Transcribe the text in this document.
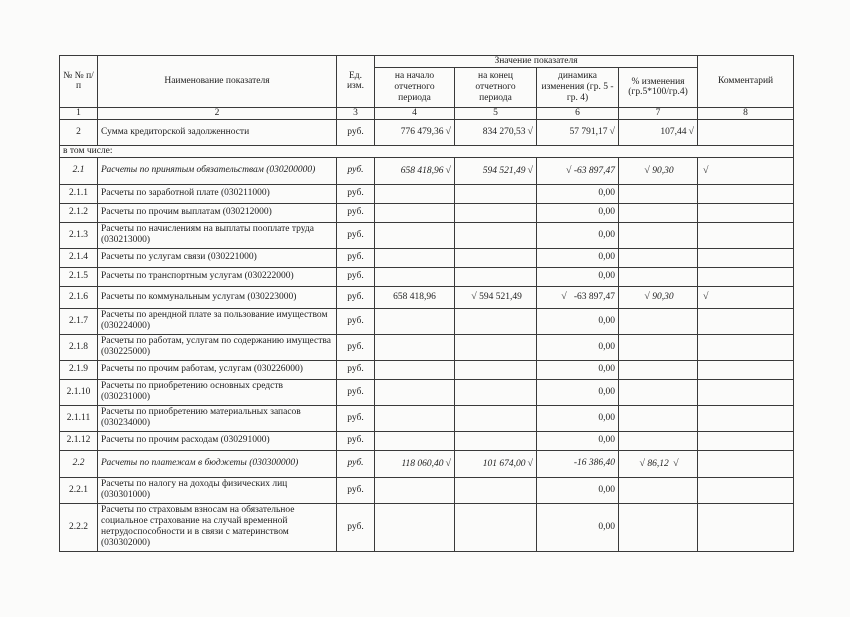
№ № п/п	Наименование показателя	Ед. изм.	Значение показателя				Комментарий
			на начало отчетного периода	на конец отчетного периода	динамика изменения (гр. 5 - гр. 4)	% изменения (гр.5*100/гр.4)	
1	2	3	4	5	6	7	8
2	Сумма кредиторской задолженности	руб.	776 479,36 √	834 270,53 √	57 791,17 √	107,44 √	
в том числе:							
2.1	Расчеты по принятым обязательствам (030200000)	руб.	658 418,96 √	594 521,49 √	√ -63 897,47	√ 90,30	√
2.1.1	Расчеты по заработной плате (030211000)	руб.			0,00		
2.1.2	Расчеты по прочим выплатам (030212000)	руб.			0,00		
2.1.3	Расчеты по начислениям на выплаты пооплате труда (030213000)	руб.			0,00		
2.1.4	Расчеты по услугам связи (030221000)	руб.			0,00		
2.1.5	Расчеты по транспортным услугам (030222000)	руб.			0,00		
2.1.6	Расчеты по коммунальным услугам (030223000)	руб.	658 418,96	√ 594 521,49	√ -63 897,47	√ 90,30	√
2.1.7	Расчеты по арендной плате за пользование имуществом (030224000)	руб.			0,00		
2.1.8	Расчеты по работам, услугам по содержанию имущества (030225000)	руб.			0,00		
2.1.9	Расчеты по прочим работам, услугам (030226000)	руб.			0,00		
2.1.10	Расчеты по приобретению основных средств (030231000)	руб.			0,00		
2.1.11	Расчеты по приобретению материальных запасов (030234000)	руб.			0,00		
2.1.12	Расчеты по прочим расходам (030291000)	руб.			0,00		
2.2	Расчеты по платежам в бюджеты (030300000)	руб.	118 060,40 √	101 674,00 √	-16 386,40	√ 86,12 √	
2.2.1	Расчеты по налогу на доходы физических лиц (030301000)	руб.			0,00		
2.2.2	Расчеты по страховым взносам на обязательное социальное страхование на случай временной нетрудоспособности и в связи с материнством (030302000)	руб.			0,00		
